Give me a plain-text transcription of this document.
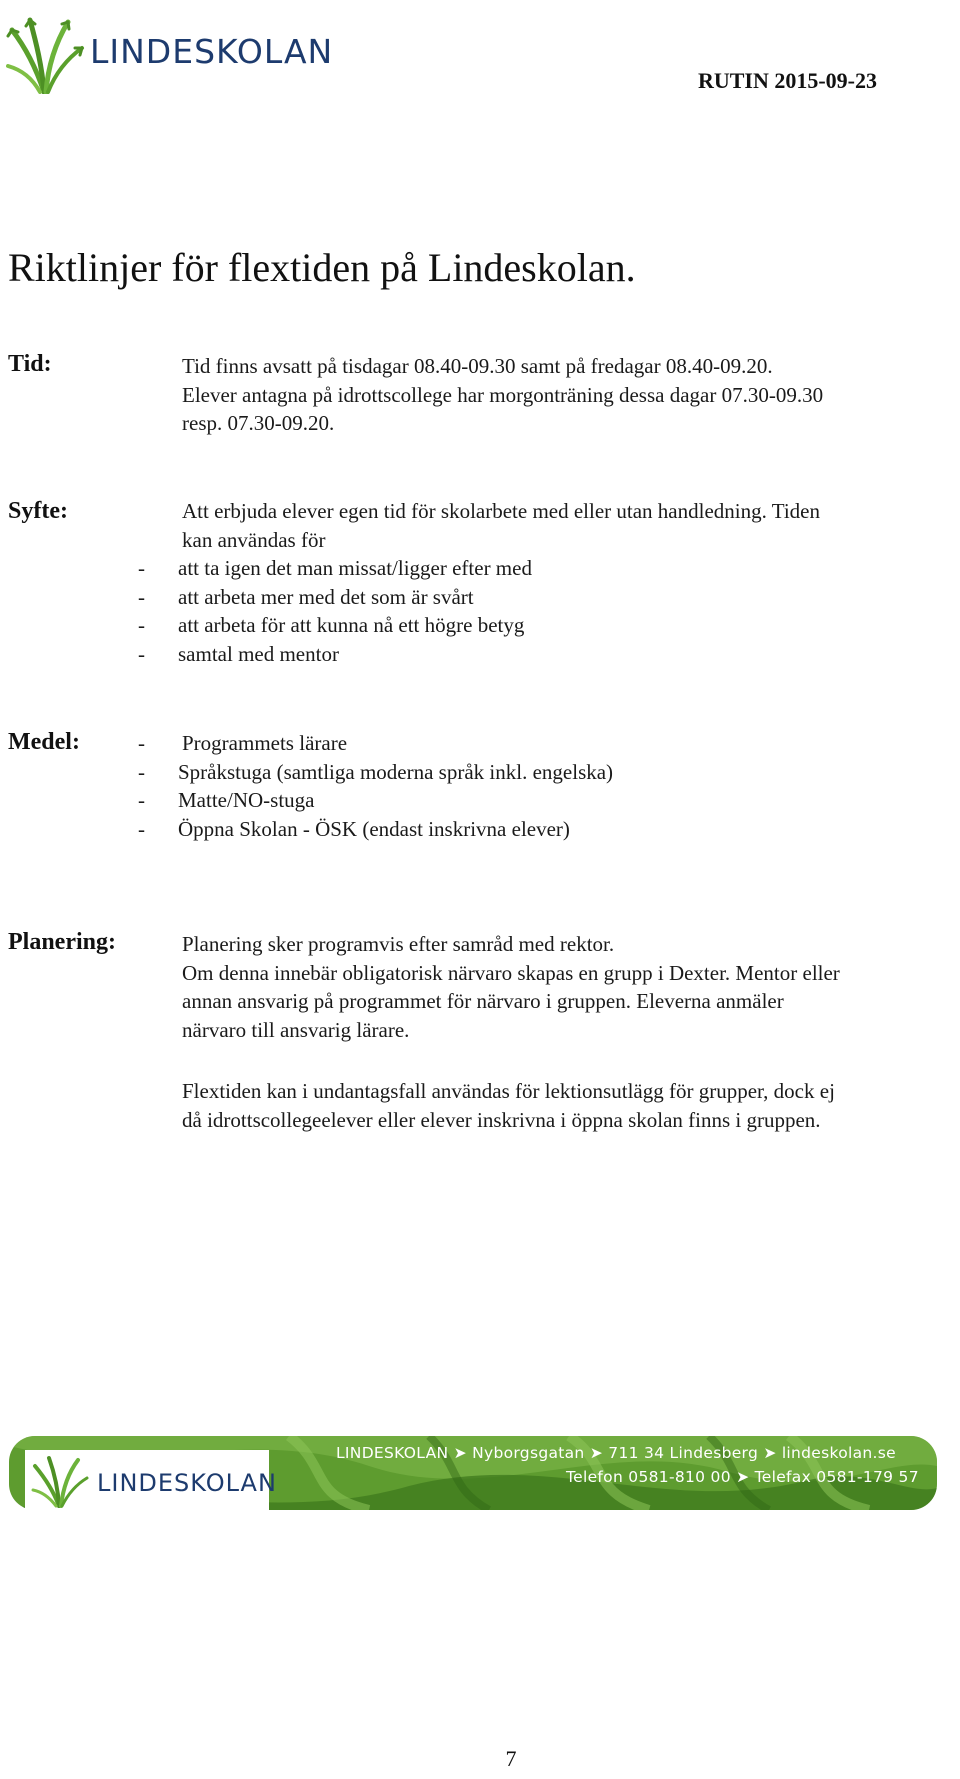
LINDESKOLAN
RUTIN 2015-09-23
Riktlinjer för flextiden på Lindeskolan.
Tid:	Tid finns avsatt på tisdagar 08.40-09.30 samt på fredagar 08.40-09.20.
Elever antagna på idrottscollege har morgonträning dessa dagar 07.30-09.30
resp. 07.30-09.20.
Syfte:	Att erbjuda elever egen tid för skolarbete med eller utan handledning. Tiden
kan användas för
- att ta igen det man missat/ligger efter med
- att arbeta mer med det som är svårt
- att arbeta för att kunna nå ett högre betyg
- samtal med mentor
Medel:	- Programmets lärare
- Språkstuga (samtliga moderna språk inkl. engelska)
- Matte/NO-stuga
- Öppna Skolan - ÖSK (endast inskrivna elever)
Planering:	Planering sker programvis efter samråd med rektor.
Om denna innebär obligatorisk närvaro skapas en grupp i Dexter. Mentor eller
annan ansvarig på programmet för närvaro i gruppen. Eleverna anmäler
närvaro till ansvarig lärare.
Flextiden kan i undantagsfall användas för lektionsutlägg för grupper, dock ej
då idrottscollegeelever eller elever inskrivna i öppna skolan finns i gruppen.
LINDESKOLAN
LINDESKOLAN ➤ Nyborgsgatan ➤ 711 34 Lindesberg ➤ lindeskolan.se
Telefon 0581-810 00 ➤ Telefax 0581-179 57
7
